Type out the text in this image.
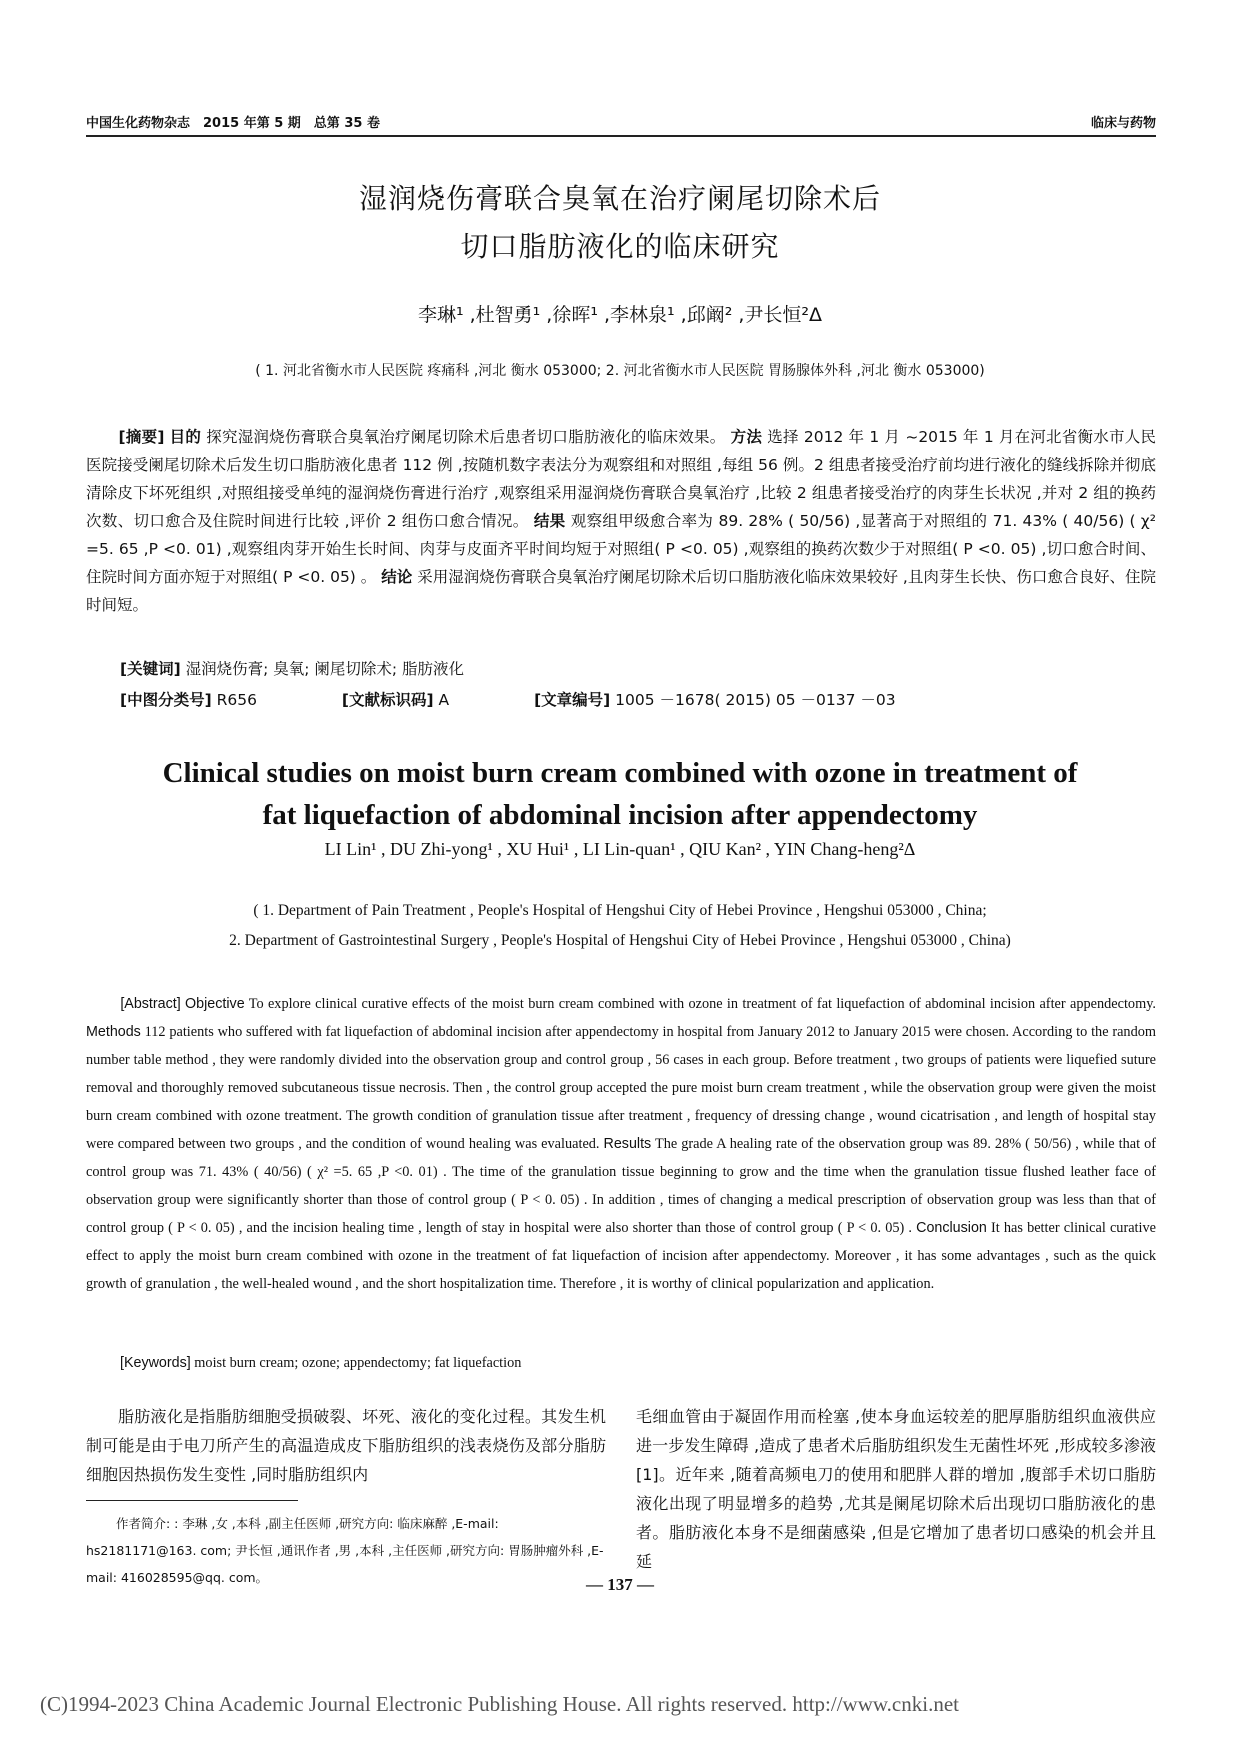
中国生化药物杂志　2015 年第 5 期　总第 35 卷	临床与药物
湿润烧伤膏联合臭氧在治疗阑尾切除术后
切口脂肪液化的临床研究
李琳¹ ,杜智勇¹ ,徐晖¹ ,李林泉¹ ,邱阚² ,尹长恒²Δ
( 1. 河北省衡水市人民医院 疼痛科 ,河北 衡水 053000; 2. 河北省衡水市人民医院 胃肠腺体外科 ,河北 衡水 053000)
[摘要] 目的 探究湿润烧伤膏联合臭氧治疗阑尾切除术后患者切口脂肪液化的临床效果。 方法 选择 2012 年 1 月 ~2015 年 1 月在河北省衡水市人民医院接受阑尾切除术后发生切口脂肪液化患者 112 例 ,按随机数字表法分为观察组和对照组 ,每组 56 例。2 组患者接受治疗前均进行液化的缝线拆除并彻底清除皮下坏死组织 ,对照组接受单纯的湿润烧伤膏进行治疗 ,观察组采用湿润烧伤膏联合臭氧治疗 ,比较 2 组患者接受治疗的肉芽生长状况 ,并对 2 组的换药次数、切口愈合及住院时间进行比较 ,评价 2 组伤口愈合情况。 结果 观察组甲级愈合率为 89. 28% ( 50/56) ,显著高于对照组的 71. 43% ( 40/56) ( χ² =5. 65 ,P <0. 01) ,观察组肉芽开始生长时间、肉芽与皮面齐平时间均短于对照组( P <0. 05) ,观察组的换药次数少于对照组( P <0. 05) ,切口愈合时间、住院时间方面亦短于对照组( P <0. 05) 。 结论 采用湿润烧伤膏联合臭氧治疗阑尾切除术后切口脂肪液化临床效果较好 ,且肉芽生长快、伤口愈合良好、住院时间短。
[关键词] 湿润烧伤膏; 臭氧; 阑尾切除术; 脂肪液化
[中图分类号] R656	[文献标识码] A	[文章编号] 1005 －1678( 2015) 05 －0137 －03
Clinical studies on moist burn cream combined with ozone in treatment of
fat liquefaction of abdominal incision after appendectomy
LI Lin¹ , DU Zhi-yong¹ , XU Hui¹ , LI Lin-quan¹ , QIU Kan² , YIN Chang-heng²Δ
( 1. Department of Pain Treatment , People's Hospital of Hengshui City of Hebei Province , Hengshui 053000 , China;
2. Department of Gastrointestinal Surgery , People's Hospital of Hengshui City of Hebei Province , Hengshui 053000 , China)
[Abstract] Objective To explore clinical curative effects of the moist burn cream combined with ozone in treatment of fat liquefaction of abdominal incision after appendectomy. Methods 112 patients who suffered with fat liquefaction of abdominal incision after appendectomy in hospital from January 2012 to January 2015 were chosen. According to the random number table method , they were randomly divided into the observation group and control group , 56 cases in each group. Before treatment , two groups of patients were liquefied suture removal and thoroughly removed subcutaneous tissue necrosis. Then , the control group accepted the pure moist burn cream treatment , while the observation group were given the moist burn cream combined with ozone treatment. The growth condition of granulation tissue after treatment , frequency of dressing change , wound cicatrisation , and length of hospital stay were compared between two groups , and the condition of wound healing was evaluated. Results The grade A healing rate of the observation group was 89. 28% ( 50/56) , while that of control group was 71. 43% ( 40/56) ( χ² =5. 65 ,P <0. 01) . The time of the granulation tissue beginning to grow and the time when the granulation tissue flushed leather face of observation group were significantly shorter than those of control group ( P < 0. 05) . In addition , times of changing a medical prescription of observation group was less than that of control group ( P < 0. 05) , and the incision healing time , length of stay in hospital were also shorter than those of control group ( P < 0. 05) . Conclusion It has better clinical curative effect to apply the moist burn cream combined with ozone in the treatment of fat liquefaction of incision after appendectomy. Moreover , it has some advantages , such as the quick growth of granulation , the well-healed wound , and the short hospitalization time. Therefore , it is worthy of clinical popularization and application.
[Keywords] moist burn cream; ozone; appendectomy; fat liquefaction
脂肪液化是指脂肪细胞受损破裂、坏死、液化的变化过程。其发生机制可能是由于电刀所产生的高温造成皮下脂肪组织的浅表烧伤及部分脂肪细胞因热损伤发生变性 ,同时脂肪组织内
毛细血管由于凝固作用而栓塞 ,使本身血运较差的肥厚脂肪组织血液供应进一步发生障碍 ,造成了患者术后脂肪组织发生无菌性坏死 ,形成较多渗液[1]。近年来 ,随着高频电刀的使用和肥胖人群的增加 ,腹部手术切口脂肪液化出现了明显增多的趋势 ,尤其是阑尾切除术后出现切口脂肪液化的患者。脂肪液化本身不是细菌感染 ,但是它增加了患者切口感染的机会并且延
作者简介: : 李琳 ,女 ,本科 ,副主任医师 ,研究方向: 临床麻醉 ,E-mail: hs2181171@163. com; 尹长恒 ,通讯作者 ,男 ,本科 ,主任医师 ,研究方向: 胃肠肿瘤外科 ,E-mail: 416028595@qq. com。	— 137 —
(C)1994-2023 China Academic Journal Electronic Publishing House. All rights reserved. http://www.cnki.net
